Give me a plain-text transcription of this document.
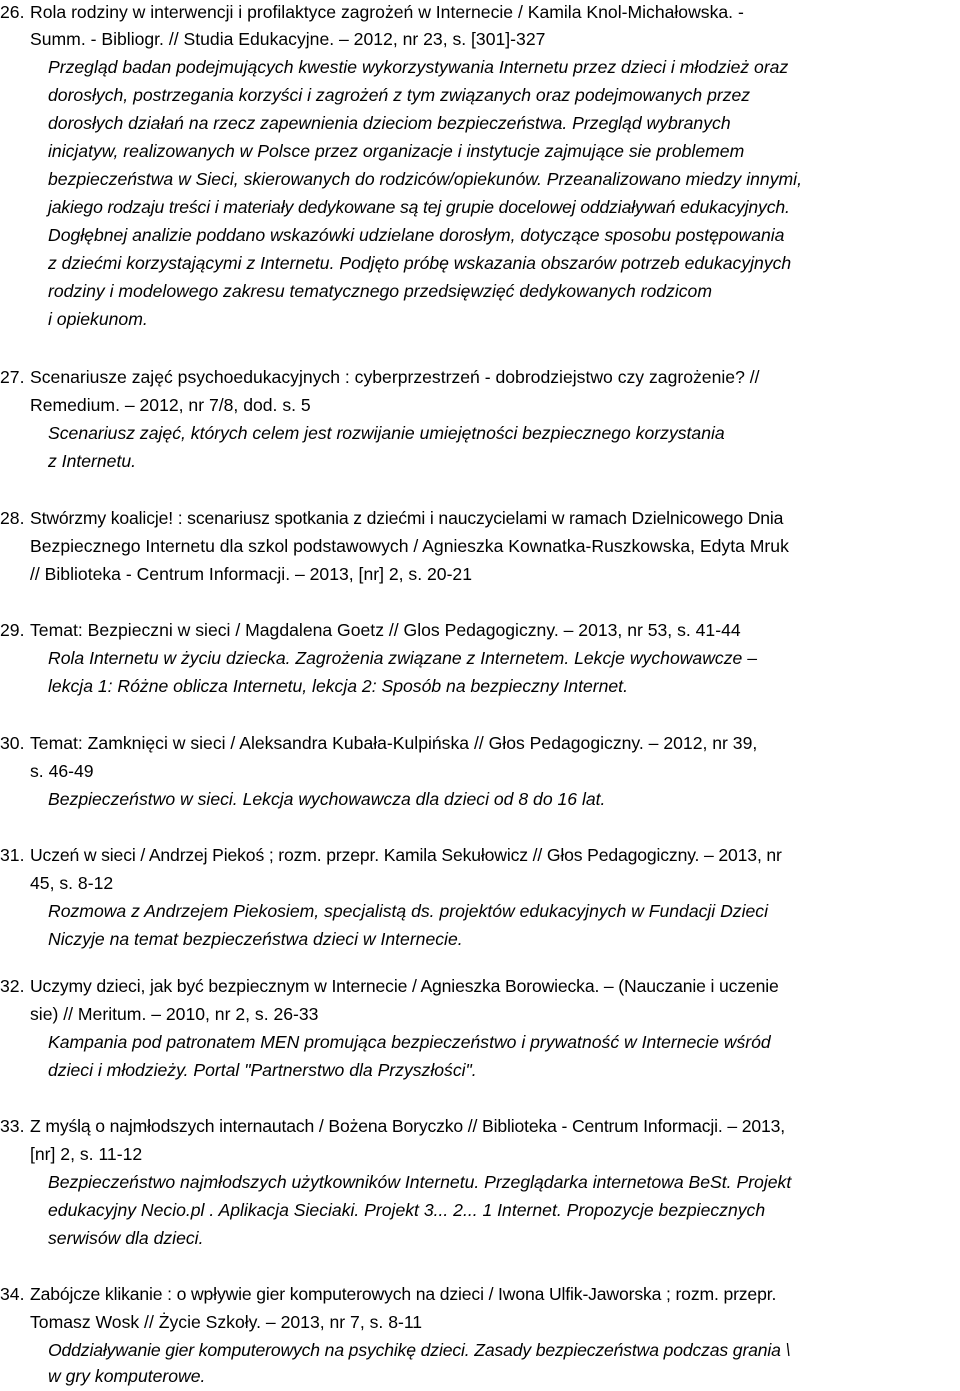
26. Rola rodziny w interwencji i profilaktyce zagrożeń w Internecie / Kamila Knol-Michałowska. -
Summ. - Bibliogr. // Studia Edukacyjne. – 2012, nr 23, s. [301]-327
Przegląd badan podejmujących kwestie wykorzystywania Internetu przez dzieci i młodzież oraz
dorosłych, postrzegania korzyści i zagrożeń z tym związanych oraz podejmowanych przez
dorosłych działań na rzecz zapewnienia dzieciom bezpieczeństwa. Przegląd wybranych
inicjatyw, realizowanych w Polsce przez organizacje i instytucje zajmujące sie problemem
bezpieczeństwa w Sieci, skierowanych do rodziców/opiekunów. Przeanalizowano miedzy innymi,
jakiego rodzaju treści i materiały dedykowane są tej grupie docelowej oddziaływań edukacyjnych.
Dogłębnej analizie poddano wskazówki udzielane dorosłym, dotyczące sposobu postępowania
z dziećmi korzystającymi z Internetu. Podjęto próbę wskazania obszarów potrzeb edukacyjnych
rodziny i modelowego zakresu tematycznego przedsięwzięć dedykowanych rodzicom
i opiekunom.
27. Scenariusze zajęć psychoedukacyjnych : cyberprzestrzeń - dobrodziejstwo czy zagrożenie? //
Remedium. – 2012, nr 7/8, dod. s. 5
Scenariusz zajęć, których celem jest rozwijanie umiejętności bezpiecznego korzystania
z Internetu.
28. Stwórzmy koalicje! : scenariusz spotkania z dziećmi i nauczycielami w ramach Dzielnicowego Dnia
Bezpiecznego Internetu dla szkol podstawowych / Agnieszka Kownatka-Ruszkowska, Edyta Mruk
// Biblioteka - Centrum Informacji. – 2013, [nr] 2, s. 20-21
29. Temat: Bezpieczni w sieci / Magdalena Goetz // Glos Pedagogiczny. – 2013, nr 53, s. 41-44
Rola Internetu w życiu dziecka. Zagrożenia związane z Internetem. Lekcje wychowawcze –
lekcja 1: Różne oblicza Internetu, lekcja 2: Sposób na bezpieczny Internet.
30. Temat: Zamknięci w sieci / Aleksandra Kubała-Kulpińska // Głos Pedagogiczny. – 2012, nr 39,
s. 46-49
Bezpieczeństwo w sieci. Lekcja wychowawcza dla dzieci od 8 do 16 lat.
31. Uczeń w sieci / Andrzej Piekoś ; rozm. przepr. Kamila Sekułowicz // Głos Pedagogiczny. – 2013, nr
45, s. 8-12
Rozmowa z Andrzejem Piekosiem, specjalistą ds. projektów edukacyjnych w Fundacji Dzieci
Niczyje na temat bezpieczeństwa dzieci w Internecie.
32. Uczymy dzieci, jak być bezpiecznym w Internecie / Agnieszka Borowiecka. – (Nauczanie i uczenie
sie) // Meritum. – 2010, nr 2, s. 26-33
Kampania pod patronatem MEN promująca bezpieczeństwo i prywatność w Internecie wśród
dzieci i młodzieży. Portal "Partnerstwo dla Przyszłości".
33. Z myślą o najmłodszych internautach / Bożena Boryczko // Biblioteka - Centrum Informacji. – 2013,
[nr] 2, s. 11-12
Bezpieczeństwo najmłodszych użytkowników Internetu. Przeglądarka internetowa BeSt. Projekt
edukacyjny Necio.pl . Aplikacja Sieciaki. Projekt 3... 2... 1 Internet. Propozycje bezpiecznych
serwisów dla dzieci.
34. Zabójcze klikanie : o wpływie gier komputerowych na dzieci / Iwona Ulfik-Jaworska ; rozm. przepr.
Tomasz Wosk // Życie Szkoły. – 2013, nr 7, s. 8-11
Oddziaływanie gier komputerowych na psychikę dzieci. Zasady bezpieczeństwa podczas grania \
w gry komputerowe.
